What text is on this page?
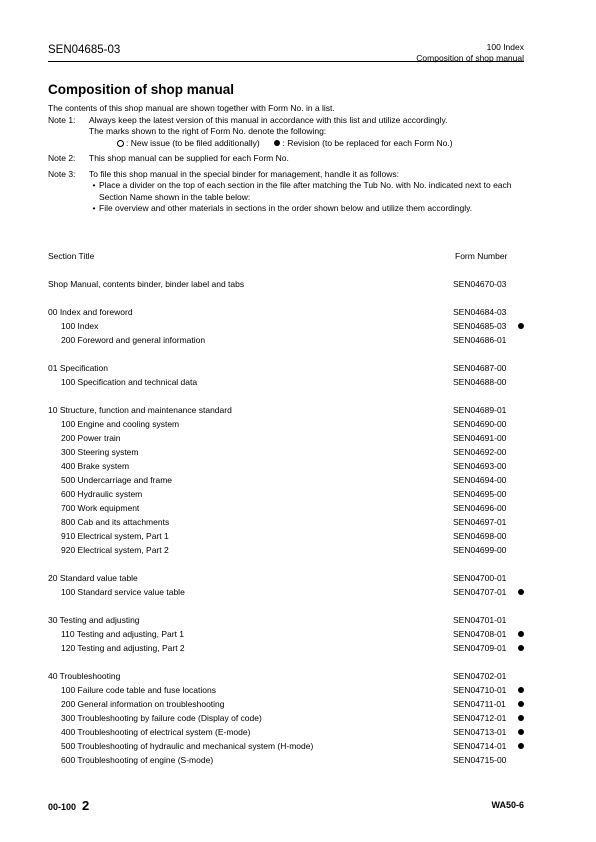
SEN04685-03	100 Index
Composition of shop manual
Composition of shop manual
The contents of this shop manual are shown together with Form No. in a list.
Note 1:	Always keep the latest version of this manual in accordance with this list and utilize accordingly.
The marks shown to the right of Form No. denote the following:
: New issue (to be filed additionally)	: Revision (to be replaced for each Form No.)
Note 2:	This shop manual can be supplied for each Form No.
Note 3:	To file this shop manual in the special binder for management, handle it as follows:
• Place a divider on the top of each section in the file after matching the Tub No. with No. indicated next to each Section Name shown in the table below:
• File overview and other materials in sections in the order shown below and utilize them accordingly.
Section Title	Form Number
Shop Manual, contents binder, binder label and tabs	SEN04670-03
00 Index and foreword	SEN04684-03
100 Index	SEN04685-03
200 Foreword and general information	SEN04686-01
01 Specification	SEN04687-00
100 Specification and technical data	SEN04688-00
10 Structure, function and maintenance standard	SEN04689-01
100 Engine and cooling system	SEN04690-00
200 Power train	SEN04691-00
300 Steering system	SEN04692-00
400 Brake system	SEN04693-00
500 Undercarriage and frame	SEN04694-00
600 Hydraulic system	SEN04695-00
700 Work equipment	SEN04696-00
800 Cab and its attachments	SEN04697-01
910 Electrical system, Part 1	SEN04698-00
920 Electrical system, Part 2	SEN04699-00
20 Standard value table	SEN04700-01
100 Standard service value table	SEN04707-01
30 Testing and adjusting	SEN04701-01
110 Testing and adjusting, Part 1	SEN04708-01
120 Testing and adjusting, Part 2	SEN04709-01
40 Troubleshooting	SEN04702-01
100 Failure code table and fuse locations	SEN04710-01
200 General information on troubleshooting	SEN04711-01
300 Troubleshooting by failure code (Display of code)	SEN04712-01
400 Troubleshooting of electrical system (E-mode)	SEN04713-01
500 Troubleshooting of hydraulic and mechanical system (H-mode)	SEN04714-01
600 Troubleshooting of engine (S-mode)	SEN04715-00
00-100 2	WA50-6
